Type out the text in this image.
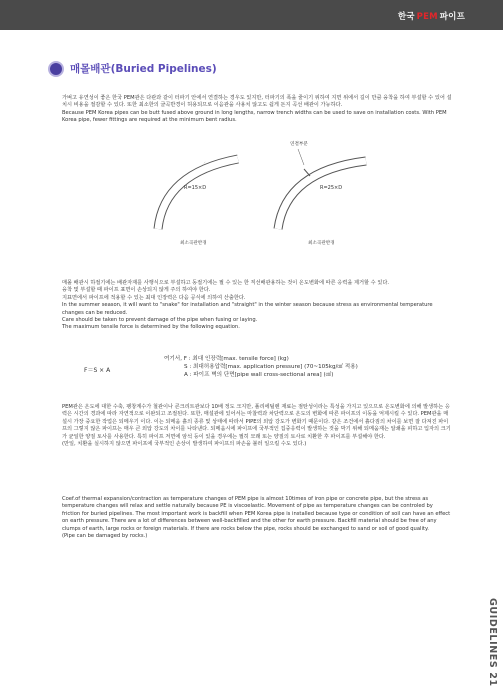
한국 PEM 파이프
매몰배관(Buried Pipelines)

가벼고 유연성이 좋은 한국 PEM관은 다관과 같이 터파기 안에서 연결하는 경우도 있지만, 터파기의 폭을 줄이기 위하여 지면 위에서 길이 만큼 융착을 하여 부설할 수 있어 설치시 비용을 절감할 수 있다. 또한 최소한의 굴곡반경이 허용되므로 이음관을 사용치 않고도 쉽게 돈지 곡선 배관이 가능하다.

Because PEM Korea pipes can be butt fused above ground in long lengths, narrow trench widths can be used to save on installation costs. With PEM Korea pipe, fewer fittings are required at the minimum bent radius.

R=15×D
최소곡관반경
연결부분
R=25×D
최소곡관반경

매몰 배관시 하절기에는 배관자재를 사행식으로 부설하고 동절기에는 필 수 있는 한 직선배관용하는 것이 온도변화에 따른 응력을 제거할 수 있다.

융착 및 부설할 때 파이프 표면이 손상되지 않게 주의 하여야 한다.

지표면에서 파이프에 적용할 수 있는 최대 인장력은 다음 공식에 의하여 산출한다.

In the summer season, it will want to "snake" for installation and "straight" in the winter season because stress as environmental temperature changes can be reduced.

Care should be taken to prevent damage of the pipe when fusing or laying.

The maximum tensile force is determined by the following equation.

F＝S × A
여기서, F : 최대 인장력[max. tensile force] (kg)
S : 최대허용압력[max. application pressure] (70~105kg/㎠ 적용)
A : 파이프 벽의 단면[pipe wall cross-sectional area] (㎠)

PEM관은 온도에 대한 수축, 팽창계수가 철관이나 콘크리트관보다 10배 정도 크지만, 폴리에틸렌 재료는 점탄성이라는 특성을 가지고 있으므로 온도변화에 의해 발생하는 응력은 시간의 경과에 따라 자연적으로 이완되고 조절된다. 또한, 매설관에 있어서는 마찰력과 차단력으로 온도의 변화에 따른 파이프의 이동을 억제시킬 수 있다. PEM관을 매설시 가장 중요한 작업은 되메우기 이다. 이는 되메움 흙의 종류 및 상태에 따라서 PIPE의 외압 강도가 변화기 때문이다. 같은 조건에서 흙다짐의 차이를 보면 잘 다져진 파이프의 그렇지 않은 파이프는 매우 큰 외압 강도의 차이를 나타낸다. 되메움시에 파이프에 국부적인 집중응력이 발생하는 것을 막기 위해 되메움재는 알쇄을 피하고 입자의 크기가 균일한 양질 토사를 사용한다. 특히 파이프 저면에 암석 등이 있을 경우에는 필히 모래 또는 양질의 토사로 치환한 후 파이프를 부설해야 한다.

(만일, 치환을 실시하지 않으면 파이프에 국부적인 손상이 발생하여 파이프의 파손을 불러 일으킬 수도 있다.)

Coef.of thermal expansion/contraction as temperature changes of PEM pipe is almost 10times of iron pipe or concrete pipe, but the stress as temperature changes will relax and settle naturally because PE is viscoelastic. Movement of pipe as temperature changes can be controled by friction for buried pipelines. The most important work is backfill when PEM Korea pipe is installed because type or condition of soil can have an effect on earth pressure. There are a lot of differences between well-backfilled and the other for earth pressure. Backfill material should be free of any clumps of earth, large rocks or foreign materials. If there are rocks below the pipe, rocks should be exchanged to sand or soil of good quality.

(Pipe can be damaged by rocks.)

GUIDELINES 21
